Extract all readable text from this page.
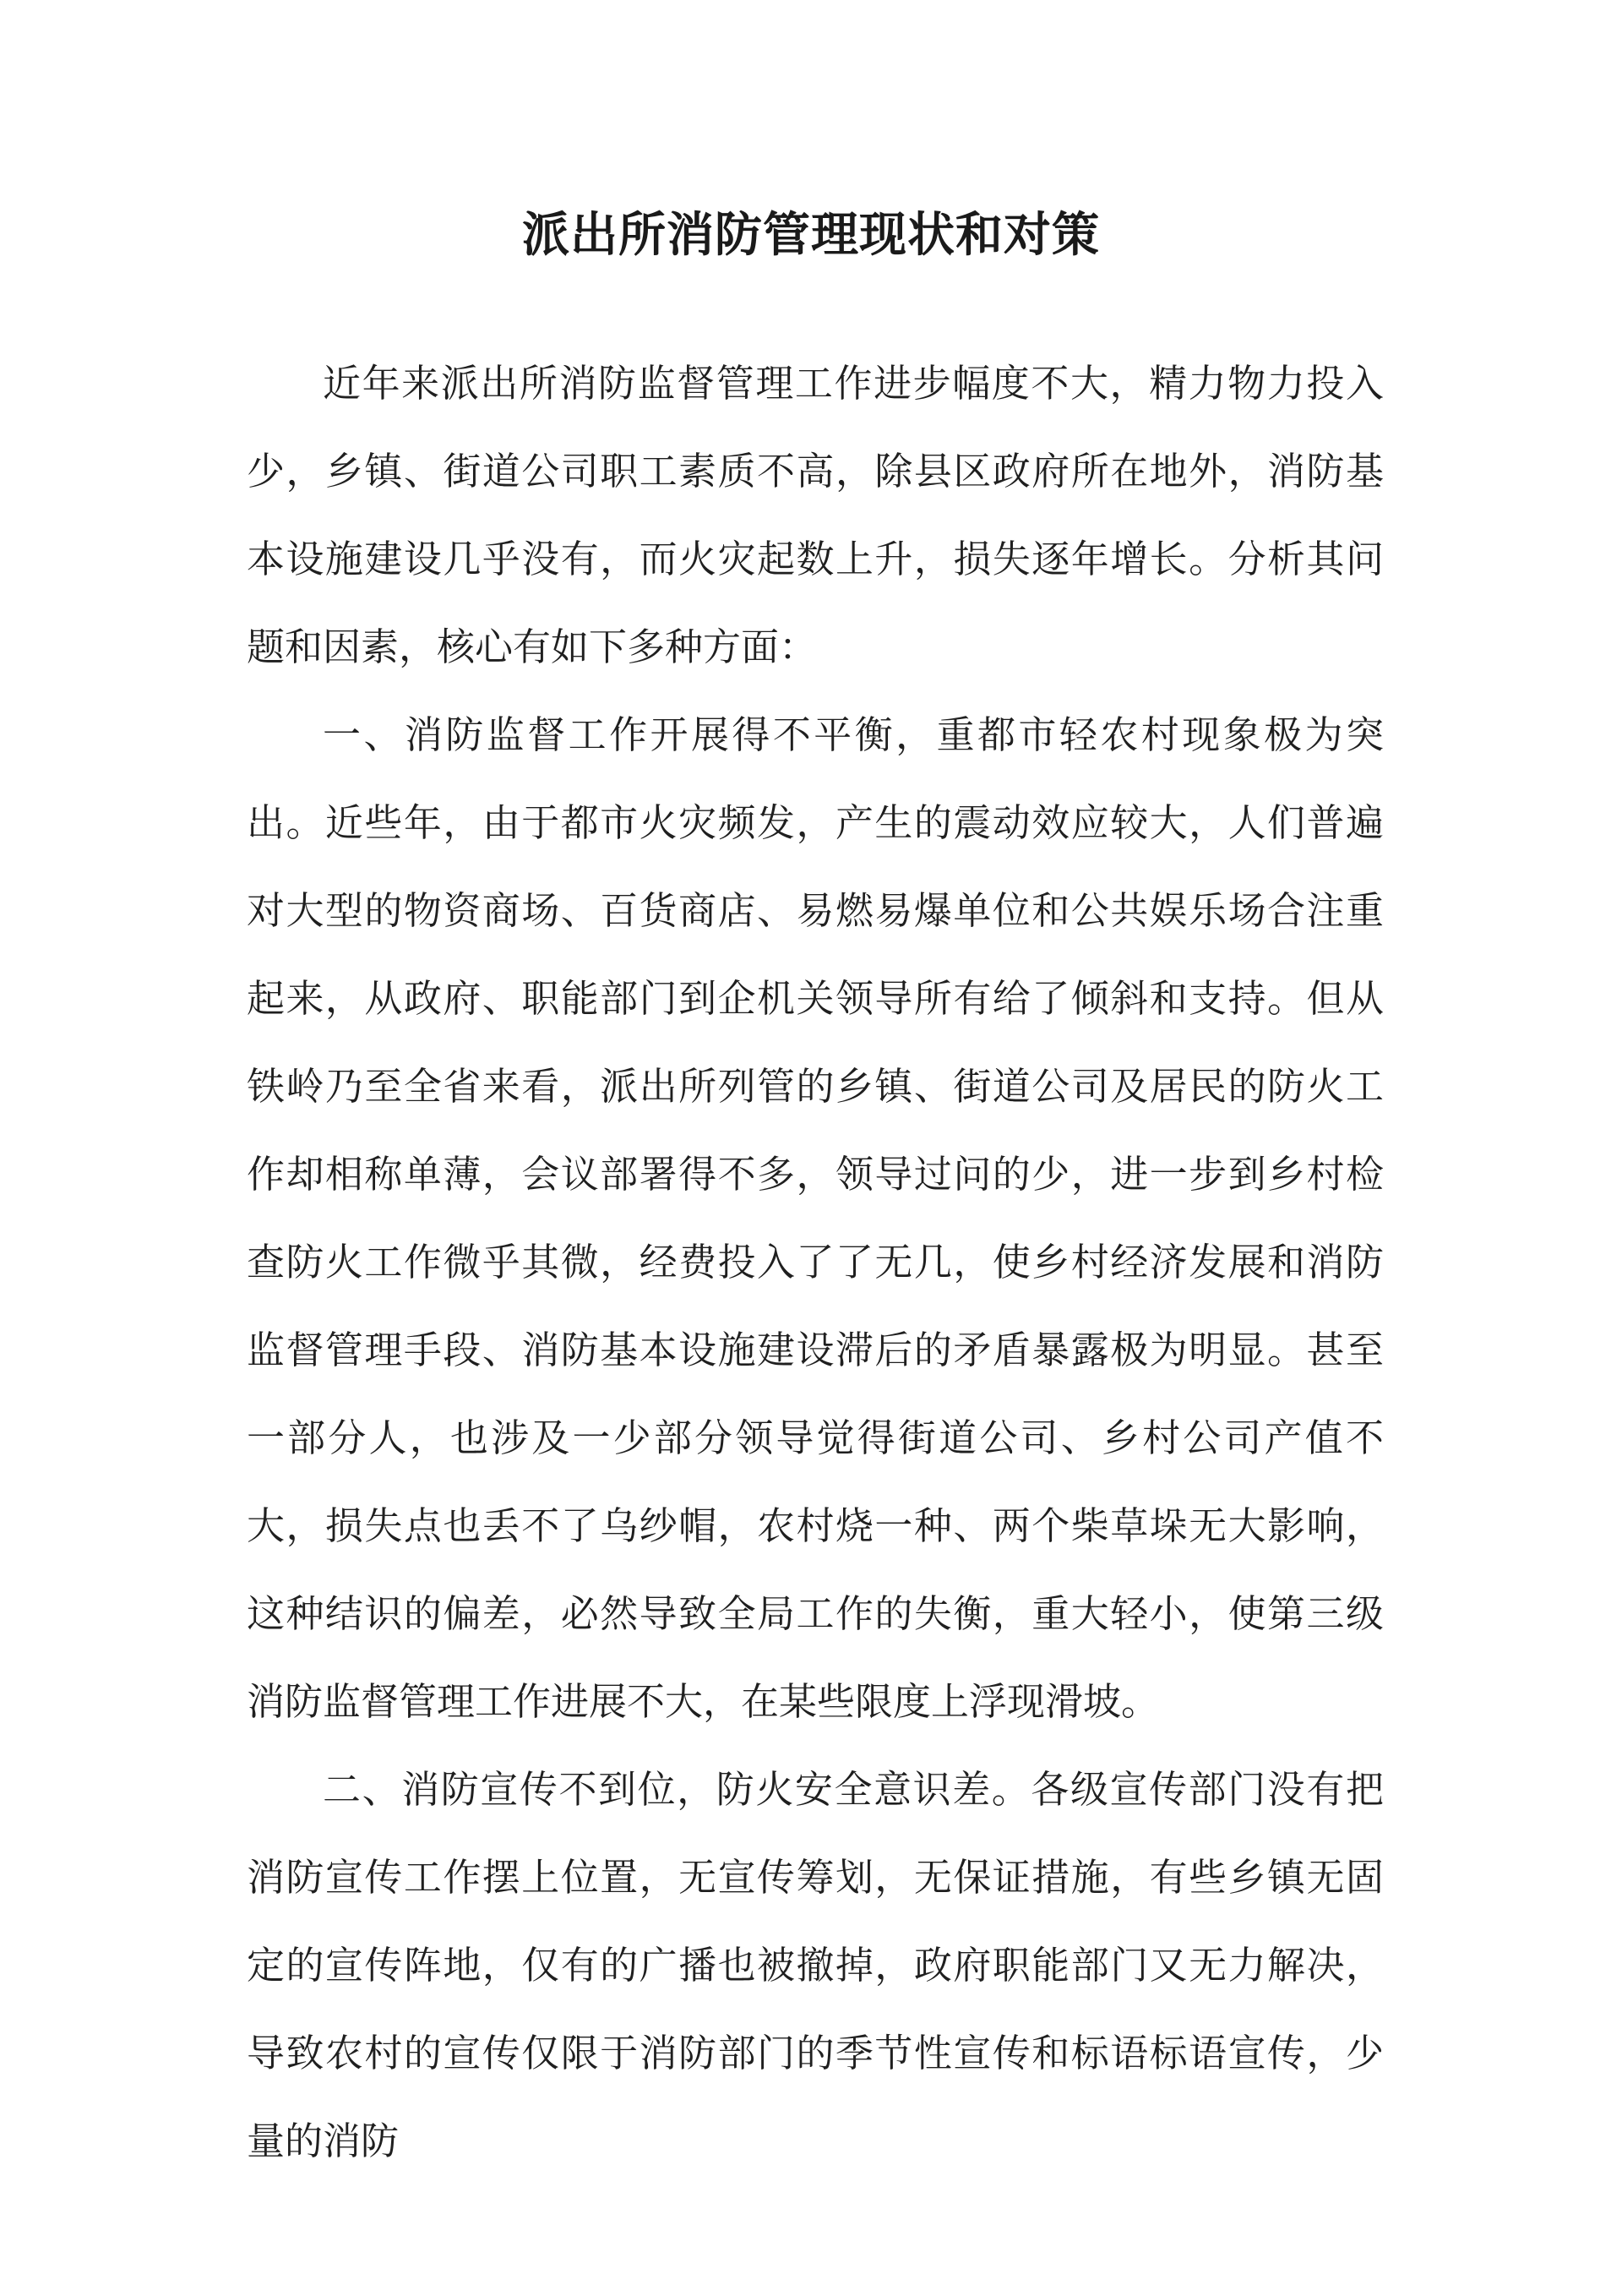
派出所消防管理现状和对策

近年来派出所消防监督管理工作进步幅度不大，精力物力投入少，乡镇、街道公司职工素质不高，除县区政府所在地外，消防基本设施建设几乎没有，而火灾起数上升，损失逐年增长。分析其问题和因素，核心有如下多种方面：

一、消防监督工作开展得不平衡，重都市轻农村现象极为突出。近些年，由于都市火灾频发，产生的震动效应较大，人们普遍对大型的物资商场、百货商店、易燃易爆单位和公共娱乐场合注重起来，从政府、职能部门到企机关领导所有给了倾斜和支持。但从铁岭乃至全省来看，派出所列管的乡镇、街道公司及居民的防火工作却相称单薄，会议部署得不多，领导过问的少，进一步到乡村检查防火工作微乎其微，经费投入了了无几，使乡村经济发展和消防监督管理手段、消防基本设施建设滞后的矛盾暴露极为明显。甚至一部分人，也涉及一少部分领导觉得街道公司、乡村公司产值不大，损失点也丢不了乌纱帽，农村烧一种、两个柴草垛无大影响，这种结识的偏差，必然导致全局工作的失衡，重大轻小，使第三级消防监督管理工作进展不大，在某些限度上浮现滑坡。

二、消防宣传不到位，防火安全意识差。各级宣传部门没有把消防宣传工作摆上位置，无宣传筹划，无保证措施，有些乡镇无固定的宣传阵地，仅有的广播也被撤掉，政府职能部门又无力解决，导致农村的宣传仅限于消防部门的季节性宣传和标语标语宣传，少量的消防
